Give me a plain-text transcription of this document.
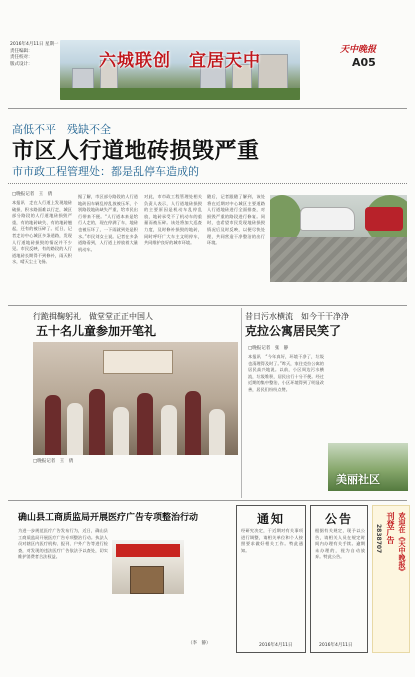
2016年4月11日 星期一
责任编辑：
责任校对：
版式设计：	六城联创　宜居天中
天中晚报
A05
高低不平　残缺不全
市区人行道地砖损毁严重
市市政工程管理处：都是乱停车造成的
□晚报记者　王　倩
本报讯　走在人行道上发现地砖破损、积水路面难以行走，城区部分路段的人行道地砖损毁严重，有的地砖缺失、有的地砖翘起，还有的被压碎了。近日，记者走访中心城区多条道路，发现人行道地砖损毁的情况并不少见。市民反映，有的路段的人行道地砖长期得不到修补，雨天积水，晴天尘土飞扬。
据了解，市区部分路段的人行道地砖因车辆乱停乱放被压坏，个别路段地砖缺失严重，给市民出行带来不便。“人行道本来是给行人走的，现在停满了车，地砖也被压坏了，一下雨就到处是积水。”市民刘女士说。记者在多条道路看到，人行道上停放着大量机动车。
对此，市市政工程管理处相关负责人表示，人行道地砖损毁的主要原因是机动车乱停乱放，地砖承受不了机动车的重量而被压碎。该处将加大巡查力度，及时修补损毁的地砖，同时呼吁广大车主文明停车，共同维护良好的城市环境。
随后，记者跟随了解到，该处将在近期对中心城区主要道路人行道地砖进行全面排查，对损毁严重的路段进行修复。同时，也希望市民发现地砖损毁情况后及时反映，以便尽快处理，共同营造干净整洁的出行环境。
行跪揖鞠躬礼　做堂堂正正中国人
五十名儿童参加开笔礼
□晚报记者　王　倩
昔日污水横流　如今干干净净
克拉公寓居民笑了
□晚报记者　张　静
本报讯　“今年真好，环境干净了，垃圾也清理得及时了。”昨天，家住克拉公寓的居民高兴地说。以前，小区周边污水横流，垃圾堆积，居民出行十分不便。经过近期的集中整治，小区环境得到了明显改善，居民们纷纷点赞。
美丽社区
确山县工商质监局开展医疗广告专项整治行动
为进一步规范医疗广告发布行为，近日，确山县工商质监局开展医疗广告专项整治行动。执法人员对辖区内医疗机构、报刊、户外广告等进行检查，对发现的违法医疗广告依法予以查处，切实维护消费者合法权益。
（李　静）
通知
经研究决定，于近期对有关事项进行调整，请相关单位和个人按照要求做好相关工作。特此通知。
2016年4月11日
公告
根据有关规定，现予以公告，请相关人员在规定时间内办理有关手续。逾期未办理的，视为自动放弃。特此公告。
2016年4月11日
欢迎在《天中晚报》
刊登广告
2838707
